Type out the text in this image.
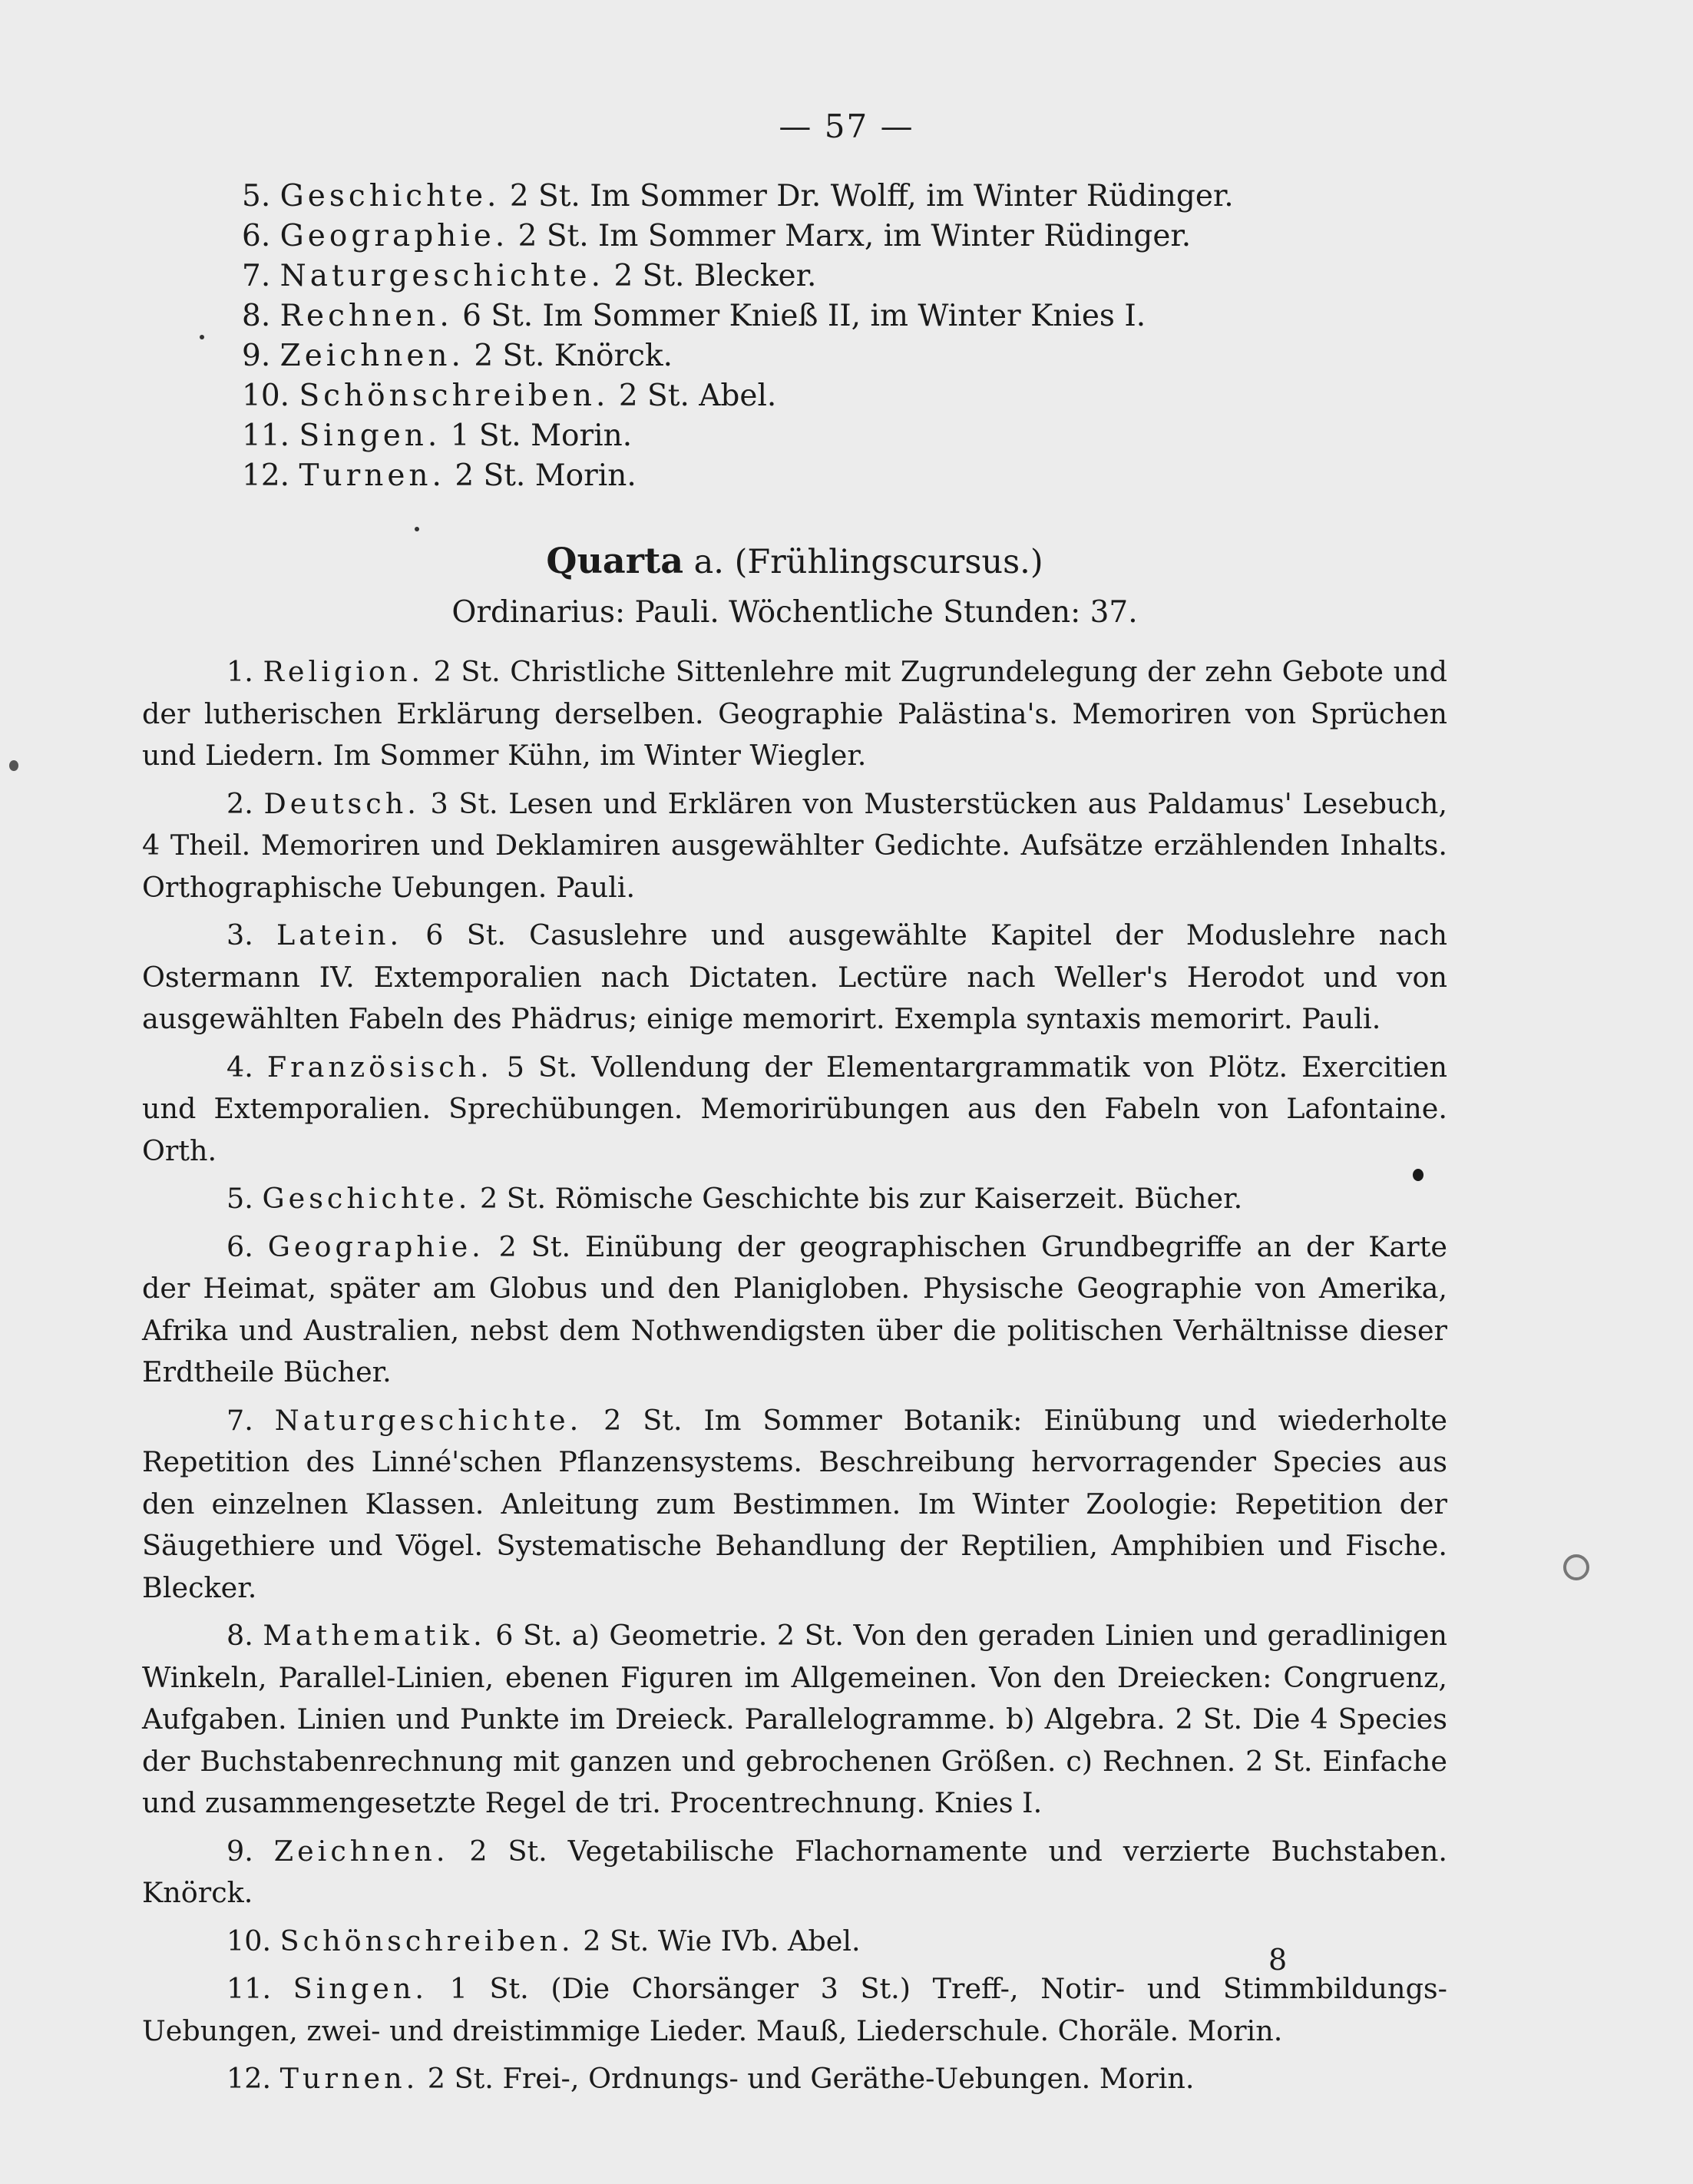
— 57 —
5. Geschichte. 2 St. Im Sommer Dr. Wolff, im Winter Rüdinger.
6. Geographie. 2 St. Im Sommer Marx, im Winter Rüdinger.
7. Naturgeschichte. 2 St. Blecker.
8. Rechnen. 6 St. Im Sommer Knieß II, im Winter Knies I.
9. Zeichnen. 2 St. Knörck.
10. Schönschreiben. 2 St. Abel.
11. Singen. 1 St. Morin.
12. Turnen. 2 St. Morin.
Quarta a. (Frühlingscursus.)
Ordinarius: Pauli. Wöchentliche Stunden: 37.

1. Religion. 2 St. Christliche Sittenlehre mit Zugrundelegung der zehn Gebote und der lutherischen Erklärung derselben. Geographie Palästina's. Memoriren von Sprüchen und Liedern. Im Sommer Kühn, im Winter Wiegler.

2. Deutsch. 3 St. Lesen und Erklären von Musterstücken aus Paldamus' Lesebuch, 4 Theil. Memoriren und Deklamiren ausgewählter Gedichte. Aufsätze erzählenden Inhalts. Orthographische Uebungen. Pauli.

3. Latein. 6 St. Casuslehre und ausgewählte Kapitel der Moduslehre nach Ostermann IV. Extemporalien nach Dictaten. Lectüre nach Weller's Herodot und von ausgewählten Fabeln des Phädrus; einige memorirt. Exempla syntaxis memorirt. Pauli.

4. Französisch. 5 St. Vollendung der Elementargrammatik von Plötz. Exercitien und Extemporalien. Sprechübungen. Memorirübungen aus den Fabeln von Lafontaine. Orth.

5. Geschichte. 2 St. Römische Geschichte bis zur Kaiserzeit. Bücher.

6. Geographie. 2 St. Einübung der geographischen Grundbegriffe an der Karte der Heimat, später am Globus und den Planigloben. Physische Geographie von Amerika, Afrika und Australien, nebst dem Nothwendigsten über die politischen Verhältnisse dieser Erdtheile Bücher.

7. Naturgeschichte. 2 St. Im Sommer Botanik: Einübung und wiederholte Repetition des Linné'schen Pflanzensystems. Beschreibung hervorragender Species aus den einzelnen Klassen. Anleitung zum Bestimmen. Im Winter Zoologie: Repetition der Säugethiere und Vögel. Systematische Behandlung der Reptilien, Amphibien und Fische. Blecker.

8. Mathematik. 6 St. a) Geometrie. 2 St. Von den geraden Linien und geradlinigen Winkeln, Parallel-Linien, ebenen Figuren im Allgemeinen. Von den Dreiecken: Congruenz, Aufgaben. Linien und Punkte im Dreieck. Parallelogramme. b) Algebra. 2 St. Die 4 Species der Buchstabenrechnung mit ganzen und gebrochenen Größen. c) Rechnen. 2 St. Einfache und zusammengesetzte Regel de tri. Procentrechnung. Knies I.

9. Zeichnen. 2 St. Vegetabilische Flachornamente und verzierte Buchstaben. Knörck.

10. Schönschreiben. 2 St. Wie IVb. Abel.

11. Singen. 1 St. (Die Chorsänger 3 St.) Treff-, Notir- und Stimmbildungs-Uebungen, zwei- und dreistimmige Lieder. Mauß, Liederschule. Choräle. Morin.

12. Turnen. 2 St. Frei-, Ordnungs- und Geräthe-Uebungen. Morin.

8
